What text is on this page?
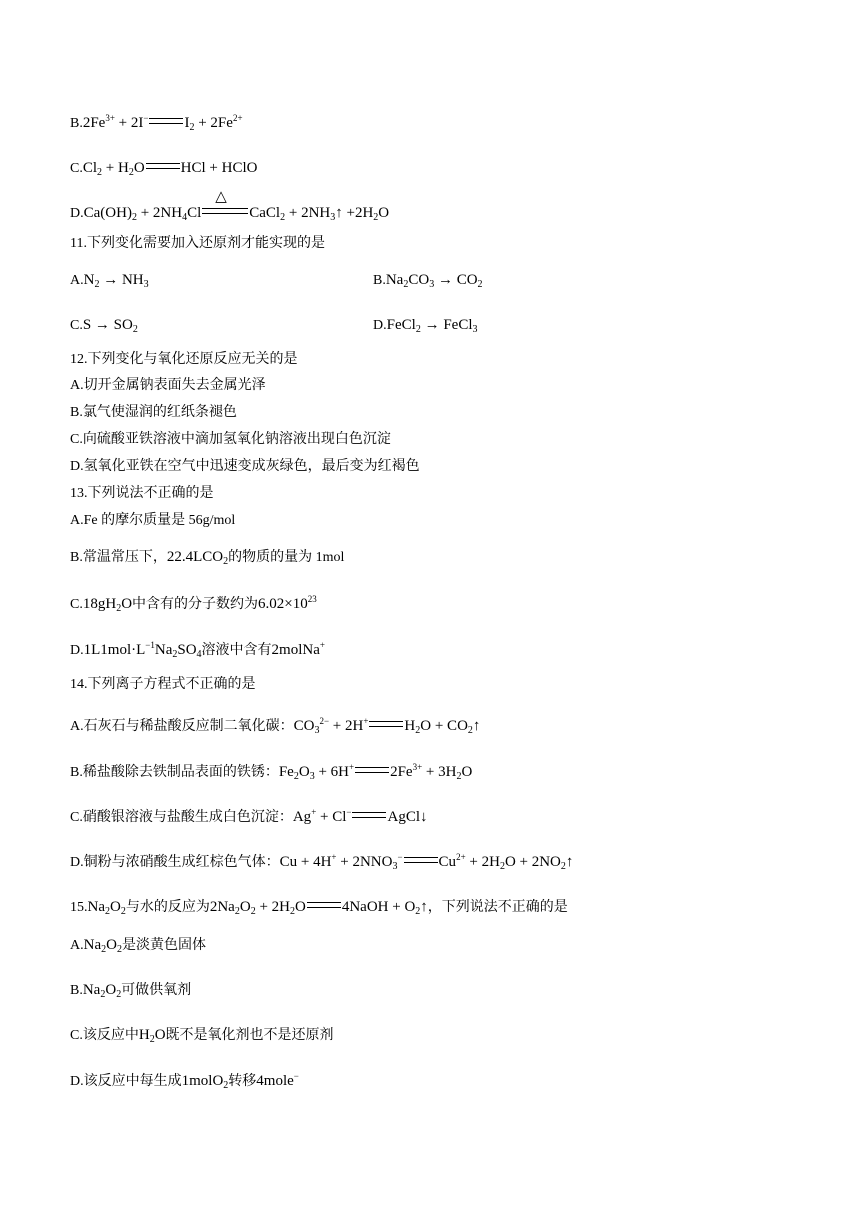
$B.2Fe^{3+} + 2I^-$ $I_2 + 2Fe^{2+}$
$C.Cl_2 + H_2O$ HCl + HClO
$D.Ca(OH)_2 + 2NH_4Cl$
△
CaCl$_2$ + $2NH_3↑ +2H_2O$
11.下列变化需要加入还原剂才能实现的是
$A.N_2 \to NH_3$	$B.Na_2CO_3 \to CO_2$
$C.S \to SO_2$	D.FeCl$_2$ → FeCl$_3$
12.下列变化与氧化还原反应无关的是
A.切开金属钠表面失去金属光泽
B.氯气使湿润的红纸条褪色
C.向硫酸亚铁溶液中滴加氢氧化钠溶液出现白色沉淀
D.氢氧化亚铁在空气中迅速变成灰绿色，最后变为红褐色
13.下列说法不正确的是
A.Fe 的摩尔质量是 56g/mol
B.常温常压下，$22.4LCO_2$的物质的量为 1mol
$C.18gH_2O$中含有的分子数约为$6.02\times 10^{23}$
$D.1L1mol\cdot L^{-1}Na_2SO_4$溶液中含有2molNa+
14.下列离子方程式不正确的是
A.石灰石与稀盐酸反应制二氧化碳：$CO_3^{2-} + 2H^+$ $H_2O$ + $CO_2↑$
B.稀盐酸除去铁制品表面的铁锈：$Fe_2O_3 + 6H^+$ $2Fe^{3+} + 3H_2O$
C.硝酸银溶液与盐酸生成白色沉淀：Ag+ + Cl− AgCl↓
D.铜粉与浓硝酸生成红棕色气体：$Cu + 4H^+ + 2NNO_3^-$ $Cu^{2+} + 2H_2O$ + $2NO_2↑$
$15.Na_2O_2$与水的反应为$2Na_2O_2 + 2H_2O$ 4NaOH + $O_2↑$，下列说法不正确的是
$A.Na_2O_2$是淡黄色固体
$B.Na_2O_2$可做供氧剂
C.该反应中$H_2O$既不是氧化剂也不是还原剂
D.该反应中每生成1molO$_2$转移4mole−
